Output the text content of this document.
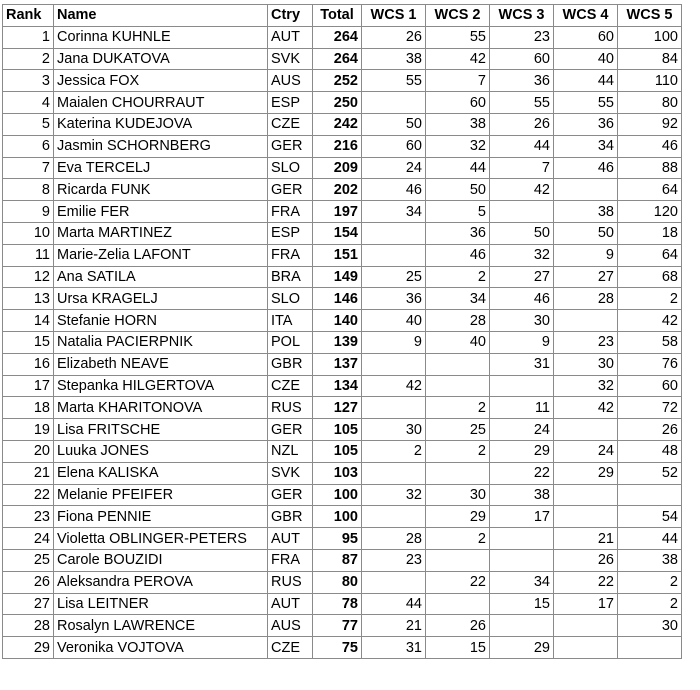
Rank	Name	Ctry	Total	WCS 1	WCS 2	WCS 3	WCS 4	WCS 5
1	Corinna KUHNLE	AUT	264	26	55	23	60	100
2	Jana DUKATOVA	SVK	264	38	42	60	40	84
3	Jessica FOX	AUS	252	55	7	36	44	110
4	Maialen CHOURRAUT	ESP	250		60	55	55	80
5	Katerina KUDEJOVA	CZE	242	50	38	26	36	92
6	Jasmin SCHORNBERG	GER	216	60	32	44	34	46
7	Eva TERCELJ	SLO	209	24	44	7	46	88
8	Ricarda FUNK	GER	202	46	50	42		64
9	Emilie FER	FRA	197	34	5		38	120
10	Marta MARTINEZ	ESP	154		36	50	50	18
11	Marie-Zelia LAFONT	FRA	151		46	32	9	64
12	Ana SATILA	BRA	149	25	2	27	27	68
13	Ursa KRAGELJ	SLO	146	36	34	46	28	2
14	Stefanie HORN	ITA	140	40	28	30		42
15	Natalia PACIERPNIK	POL	139	9	40	9	23	58
16	Elizabeth NEAVE	GBR	137			31	30	76
17	Stepanka HILGERTOVA	CZE	134	42			32	60
18	Marta KHARITONOVA	RUS	127		2	11	42	72
19	Lisa FRITSCHE	GER	105	30	25	24		26
20	Luuka JONES	NZL	105	2	2	29	24	48
21	Elena KALISKA	SVK	103			22	29	52
22	Melanie PFEIFER	GER	100	32	30	38		
23	Fiona PENNIE	GBR	100		29	17		54
24	Violetta OBLINGER-PETERS	AUT	95	28	2		21	44
25	Carole BOUZIDI	FRA	87	23			26	38
26	Aleksandra PEROVA	RUS	80		22	34	22	2
27	Lisa LEITNER	AUT	78	44		15	17	2
28	Rosalyn LAWRENCE	AUS	77	21	26			30
29	Veronika VOJTOVA	CZE	75	31	15	29		
